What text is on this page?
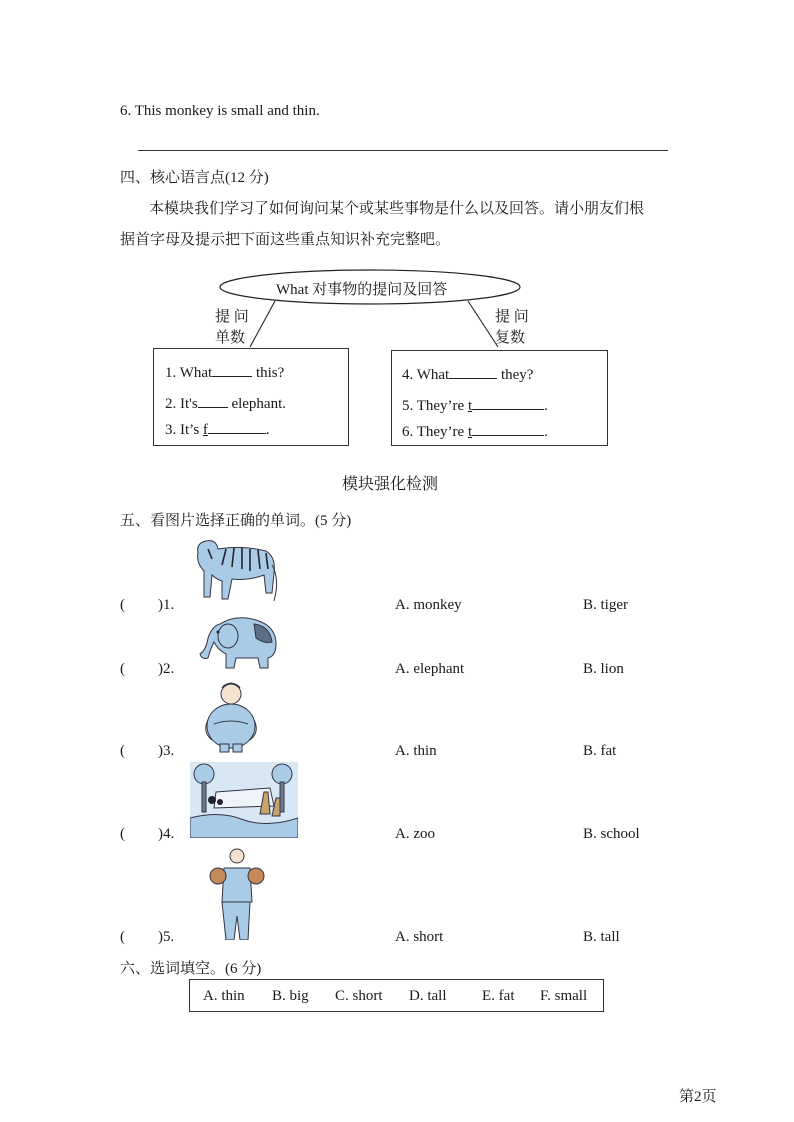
6. This monkey is small and thin.
四、核心语言点(12 分)
本模块我们学习了如何询问某个或某些事物是什么以及回答。请小朋友们根
据首字母及提示把下面这些重点知识补充完整吧。
What 对事物的提问及回答
提 问
单数
提 问
复数
1. What	this?
2. It's elephant.
3. It’s f	.
4. What	they?
5. They’re t	.
6. They’re t	.
模块强化检测
五、看图片选择正确的单词。(5 分)
( )1.	A. monkey	B. tiger
( )2.	A. elephant	B. lion
( )3.	A. thin	B. fat
( )4.	A. zoo	B. school
( )5.	A. short	B. tall
六、选词填空。(6 分)
A. thin B. big C. short D. tall E. fat F. small
第2页
